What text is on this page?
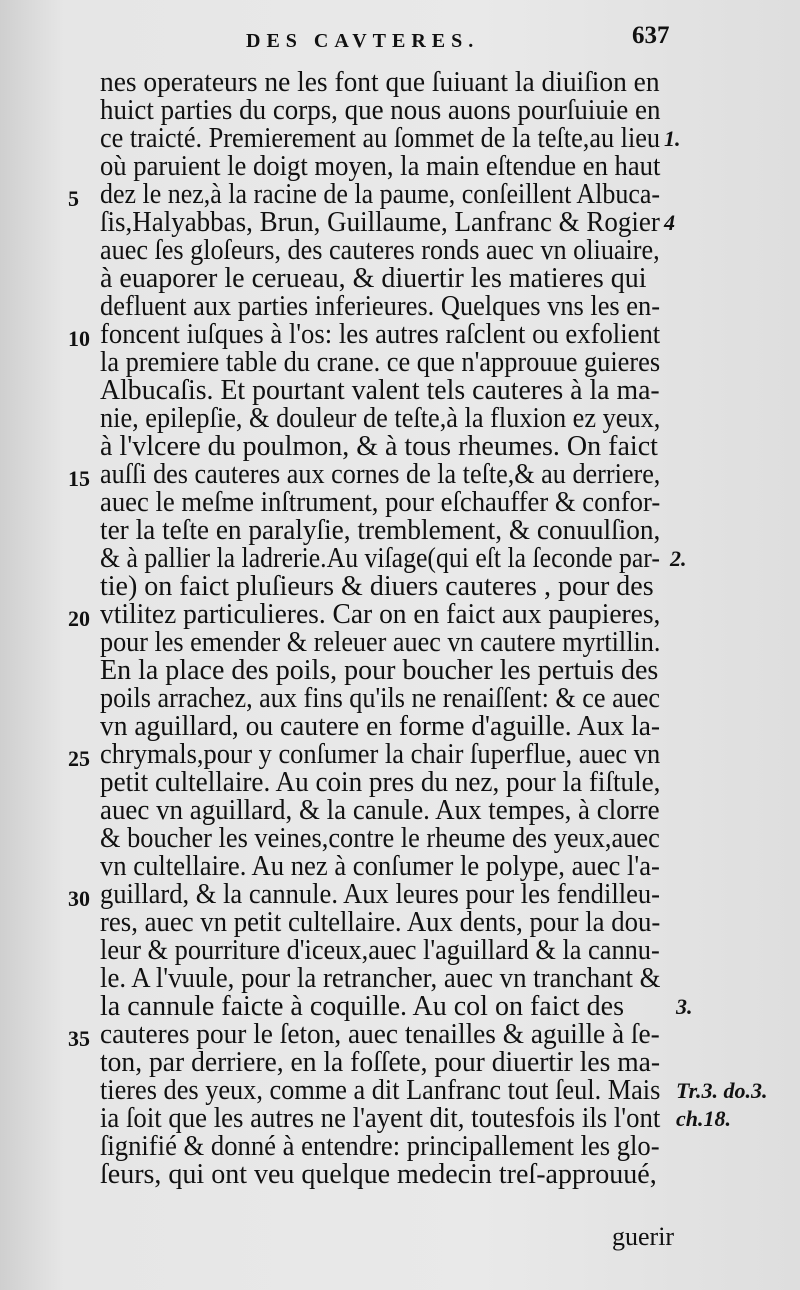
DES CAVTERES.	637
nes operateurs ne les font que ſuiuant la diuiſion en
huict parties du corps, que nous auons pourſuiuie en
ce traicté. Premierement au ſommet de la teſte,au lieu
où paruient le doigt moyen, la main eſtendue en haut
dez le nez,à la racine de la paume, conſeillent Albuca-
ſis,Halyabbas, Brun, Guillaume, Lanfranc & Rogier
auec ſes gloſeurs, des cauteres ronds auec vn oliuaire,
à euaporer le cerueau, & diuertir les matieres qui
defluent aux parties inferieures. Quelques vns les en-
foncent iuſques à l'os: les autres raſclent ou exfolient
la premiere table du crane. ce que n'approuue guieres
Albucaſis. Et pourtant valent tels cauteres à la ma-
nie, epilepſie, & douleur de teſte,à la fluxion ez yeux,
à l'vlcere du poulmon, & à tous rheumes. On faict
auſſi des cauteres aux cornes de la teſte,& au derriere,
auec le meſme inſtrument, pour eſchauffer & confor-
ter la teſte en paralyſie, tremblement, & conuulſion,
& à pallier la ladrerie.Au viſage(qui eſt la ſeconde par-
tie) on faict pluſieurs & diuers cauteres , pour des
vtilitez particulieres. Car on en faict aux paupieres,
pour les emender & releuer auec vn cautere myrtillin.
En la place des poils, pour boucher les pertuis des
poils arrachez, aux fins qu'ils ne renaiſſent: & ce auec
vn aguillard, ou cautere en forme d'aguille. Aux la-
chrymals,pour y conſumer la chair ſuperflue, auec vn
petit cultellaire. Au coin pres du nez, pour la fiſtule,
auec vn aguillard, & la canule. Aux tempes, à clorre
& boucher les veines,contre le rheume des yeux,auec
vn cultellaire. Au nez à conſumer le polype, auec l'a-
guillard, & la cannule. Aux leures pour les fendilleu-
res, auec vn petit cultellaire. Aux dents, pour la dou-
leur & pourriture d'iceux,auec l'aguillard & la cannu-
le. A l'vuule, pour la retrancher, auec vn tranchant &
la cannule faicte à coquille. Au col on faict des
cauteres pour le ſeton, auec tenailles & aguille à ſe-
ton, par derriere, en la foſſete, pour diuertir les ma-
tieres des yeux, comme a dit Lanfranc tout ſeul. Mais
ia ſoit que les autres ne l'ayent dit, toutesfois ils l'ont
ſignifié & donné à entendre: principallement les glo-
ſeurs, qui ont veu quelque medecin treſ-approuué,
5
10
15
20
25
30
35
1.
4
2.
3.
Tr.3. do.3.
ch.18.
guerir
